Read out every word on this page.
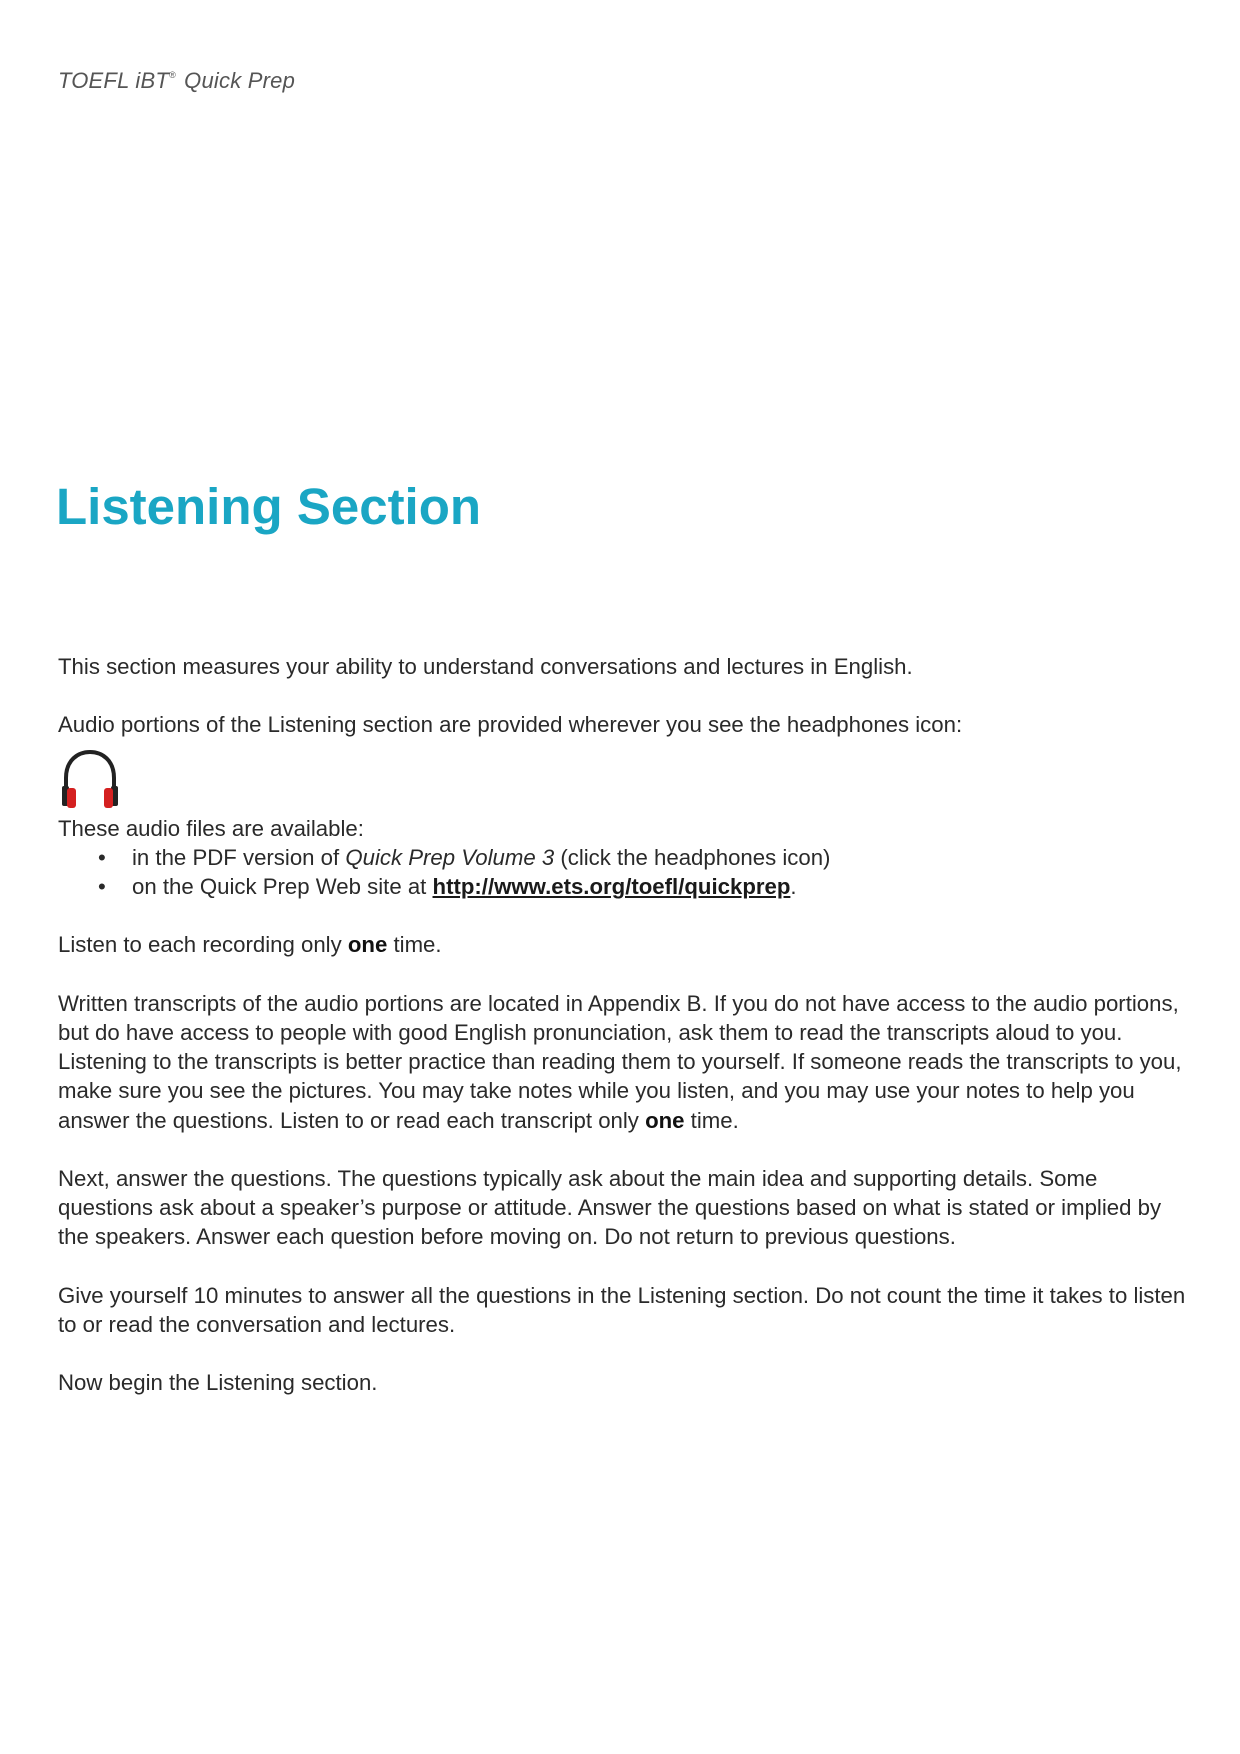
TOEFL iBT® Quick Prep
Listening Section

This section measures your ability to understand conversations and lectures in English.

Audio portions of the Listening section are provided wherever you see the headphones icon:

These audio files are available:

• in the PDF version of Quick Prep Volume 3 (click the headphones icon)
• on the Quick Prep Web site at http://www.ets.org/toefl/quickprep.

Listen to each recording only one time.

Written transcripts of the audio portions are located in Appendix B. If you do not have access to the audio portions, but do have access to people with good English pronunciation, ask them to read the transcripts aloud to you. Listening to the transcripts is better practice than reading them to yourself. If someone reads the transcripts to you, make sure you see the pictures. You may take notes while you listen, and you may use your notes to help you answer the questions. Listen to or read each transcript only one time.

Next, answer the questions. The questions typically ask about the main idea and supporting details. Some questions ask about a speaker’s purpose or attitude. Answer the questions based on what is stated or implied by the speakers. Answer each question before moving on. Do not return to previous questions.

Give yourself 10 minutes to answer all the questions in the Listening section. Do not count the time it takes to listen to or read the conversation and lectures.

Now begin the Listening section.
